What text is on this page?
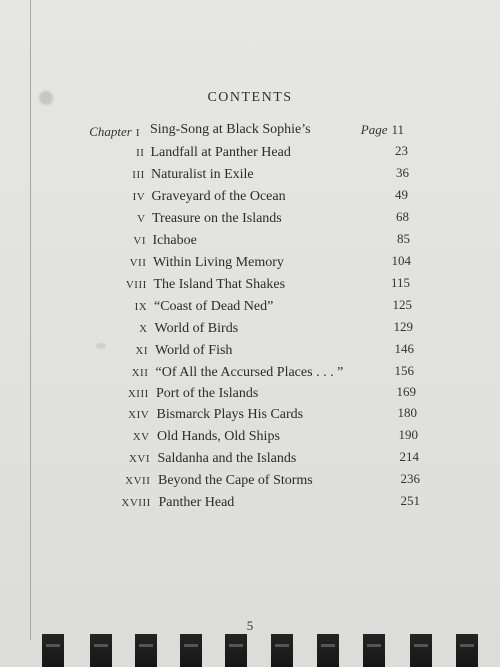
CONTENTS
Chapter I Sing-Song at Black Sophie’s	Page 11
II Landfall at Panther Head	23
III Naturalist in Exile	36
IV Graveyard of the Ocean	49
V Treasure on the Islands	68
VI Ichaboe	85
VII Within Living Memory	104
VIII The Island That Shakes	115
IX “Coast of Dead Ned”	125
X World of Birds	129
XI World of Fish	146
XII “Of All the Accursed Places . . . ”	156
XIII Port of the Islands	169
XIV Bismarck Plays His Cards	180
XV Old Hands, Old Ships	190
XVI Saldanha and the Islands	214
XVII Beyond the Cape of Storms	236
XVIII Panther Head	251
5
